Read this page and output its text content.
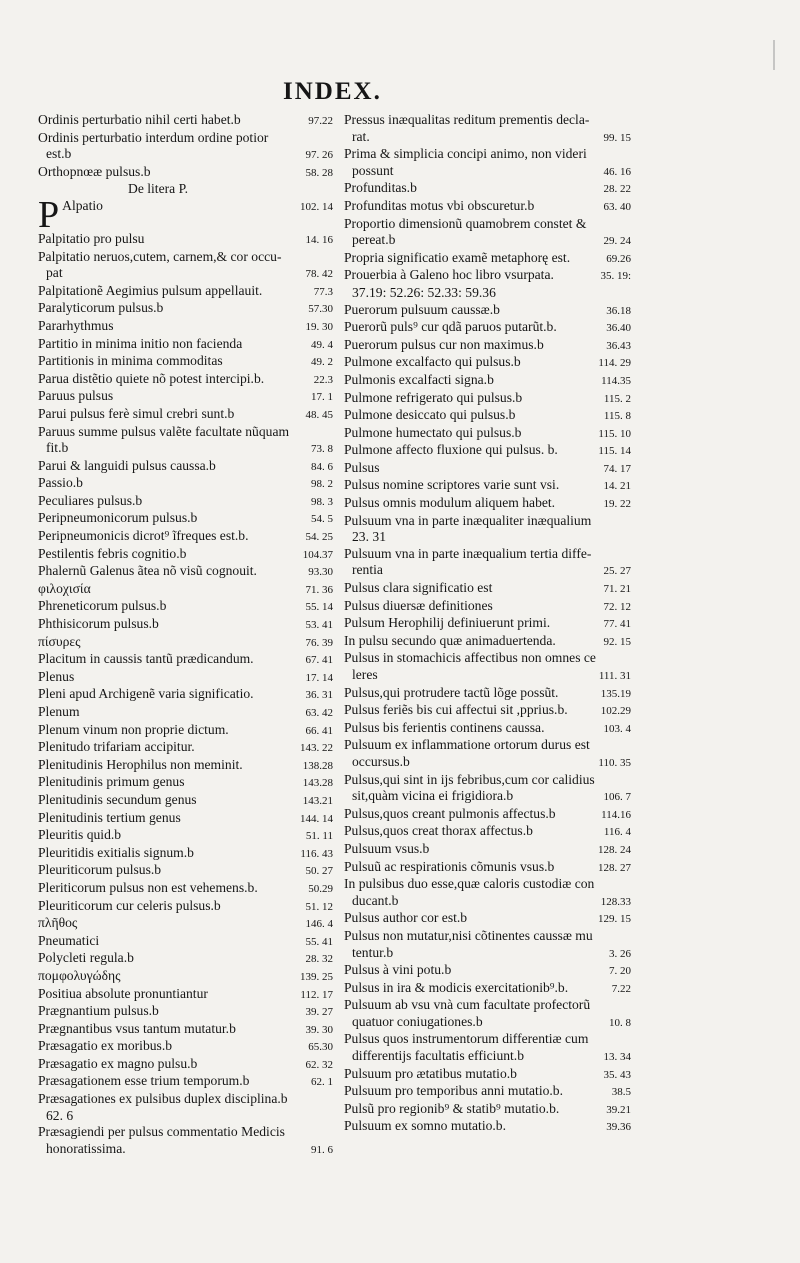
INDEX.
Ordinis perturbatio nihil certi habet.b	97.22
Ordinis perturbatio interdum ordine potior
est.b	97. 26
Orthopnœæ pulsus.b	58. 28
De litera P.
P Alpatio	102. 14
Palpitatio pro pulsu	14. 16
Palpitatio neruos,cutem, carnem,& cor occu-
pat	78. 42
Palpitationẽ Aegimius pulsum appellauit.	77.3
Paralyticorum pulsus.b	57.30
Pararhythmus	19. 30
Partitio in minima initio non facienda	49. 4
Partitionis in minima commoditas	49. 2
Parua distẽtio quiete nõ potest intercipi.b.	22.3
Paruus pulsus	17. 1
Parui pulsus ferè simul crebri sunt.b	48. 45
Paruus summe pulsus valẽte facultate nũquam
fit.b	73. 8
Parui & languidi pulsus caussa.b	84. 6
Passio.b	98. 2
Peculiares pulsus.b	98. 3
Peripneumonicorum pulsus.b	54. 5
Peripneumonicis dicrot⁹ ĩfreques est.b.	54. 25
Pestilentis febris cognitio.b	104.37
Phalernũ Galenus ãtea nõ visũ cognouit.	93.30
φιλοχισία	71. 36
Phreneticorum pulsus.b	55. 14
Phthisicorum pulsus.b	53. 41
πίσυρες	76. 39
Placitum in caussis tantũ prædicandum.	67. 41
Plenus	17. 14
Pleni apud Archigenẽ varia significatio.	36. 31
Plenum	63. 42
Plenum vinum non proprie dictum.	66. 41
Plenitudo trifariam accipitur.	143. 22
Plenitudinis Herophilus non meminit.	138.28
Plenitudinis primum genus	143.28
Plenitudinis secundum genus	143.21
Plenitudinis tertium genus	144. 14
Pleuritis quid.b	51. 11
Pleuritidis exitialis signum.b	116. 43
Pleuriticorum pulsus.b	50. 27
Pleriticorum pulsus non est vehemens.b.	50.29
Pleuriticorum cur celeris pulsus.b	51. 12
πλῆθος	146. 4
Pneumatici	55. 41
Polycleti regula.b	28. 32
πομφολυγώδης	139. 25
Positiua absolute pronuntiantur	112. 17
Prægnantium pulsus.b	39. 27
Prægnantibus vsus tantum mutatur.b	39. 30
Præsagatio ex moribus.b	65.30
Præsagatio ex magno pulsu.b	62. 32
Præsagationem esse trium temporum.b	62. 1
Præsagationes ex pulsibus duplex disciplina.b
62. 6
Præsagiendi per pulsus commentatio Medicis
honoratissima.	91. 6
Pressus inæqualitas reditum prementis decla-
rat.	99. 15
Prima & simplicia concipi animo, non videri
possunt	46. 16
Profunditas.b	28. 22
Profunditas motus vbi obscuretur.b	63. 40
Proportio dimensionũ quamobrem constet &
pereat.b	29. 24
Propria significatio examẽ metaphorę est.	69.26
Prouerbia à Galeno hoc libro vsurpata.	35. 19:
37.19: 52.26: 52.33: 59.36
Puerorum pulsuum caussæ.b	36.18
Puerorũ puls⁹ cur qdã paruos putarũt.b.	36.40
Puerorum pulsus cur non maximus.b	36.43
Pulmone excalfacto qui pulsus.b	114. 29
Pulmonis excalfacti signa.b	114.35
Pulmone refrigerato qui pulsus.b	115. 2
Pulmone desiccato qui pulsus.b	115. 8
Pulmone humectato qui pulsus.b	115. 10
Pulmone affecto fluxione qui pulsus. b.	115. 14
Pulsus	74. 17
Pulsus nomine scriptores varie sunt vsi.	14. 21
Pulsus omnis modulum aliquem habet.	19. 22
Pulsuum vna in parte inæqualiter inæqualium
23. 31
Pulsuum vna in parte inæqualium tertia diffe-
rentia	25. 27
Pulsus clara significatio est	71. 21
Pulsus diuersæ definitiones	72. 12
Pulsum Herophilij definiuerunt primi.	77. 41
In pulsu secundo quæ animaduertenda.	92. 15
Pulsus in stomachicis affectibus non omnes ce
leres	111. 31
Pulsus,qui protrudere tactũ lõge possũt.	135.19
Pulsus feriẽs bis cui affectui sit ,pprius.b.	102.29
Pulsus bis ferientis continens caussa.	103. 4
Pulsuum ex inflammatione ortorum durus est
occursus.b	110. 35
Pulsus,qui sint in ijs febribus,cum cor calidius
sit,quàm vicina ei frigidiora.b	106. 7
Pulsus,quos creant pulmonis affectus.b	114.16
Pulsus,quos creat thorax affectus.b	116. 4
Pulsuum vsus.b	128. 24
Pulsuũ ac respirationis cõmunis vsus.b	128. 27
In pulsibus duo esse,quæ caloris custodiæ con
ducant.b	128.33
Pulsus author cor est.b	129. 15
Pulsus non mutatur,nisi cõtinentes caussæ mu
tentur.b	3. 26
Pulsus à vini potu.b	7. 20
Pulsus in ira & modicis exercitationib⁹.b.	7.22
Pulsuum ab vsu vnà cum facultate profectorũ
quatuor coniugationes.b	10. 8
Pulsus quos instrumentorum differentiæ cum
differentijs facultatis efficiunt.b	13. 34
Pulsuum pro ætatibus mutatio.b	35. 43
Pulsuum pro temporibus anni mutatio.b.	38.5
Pulsũ pro regionib⁹ & statib⁹ mutatio.b.	39.21
Pulsuum ex somno mutatio.b.	39.36
